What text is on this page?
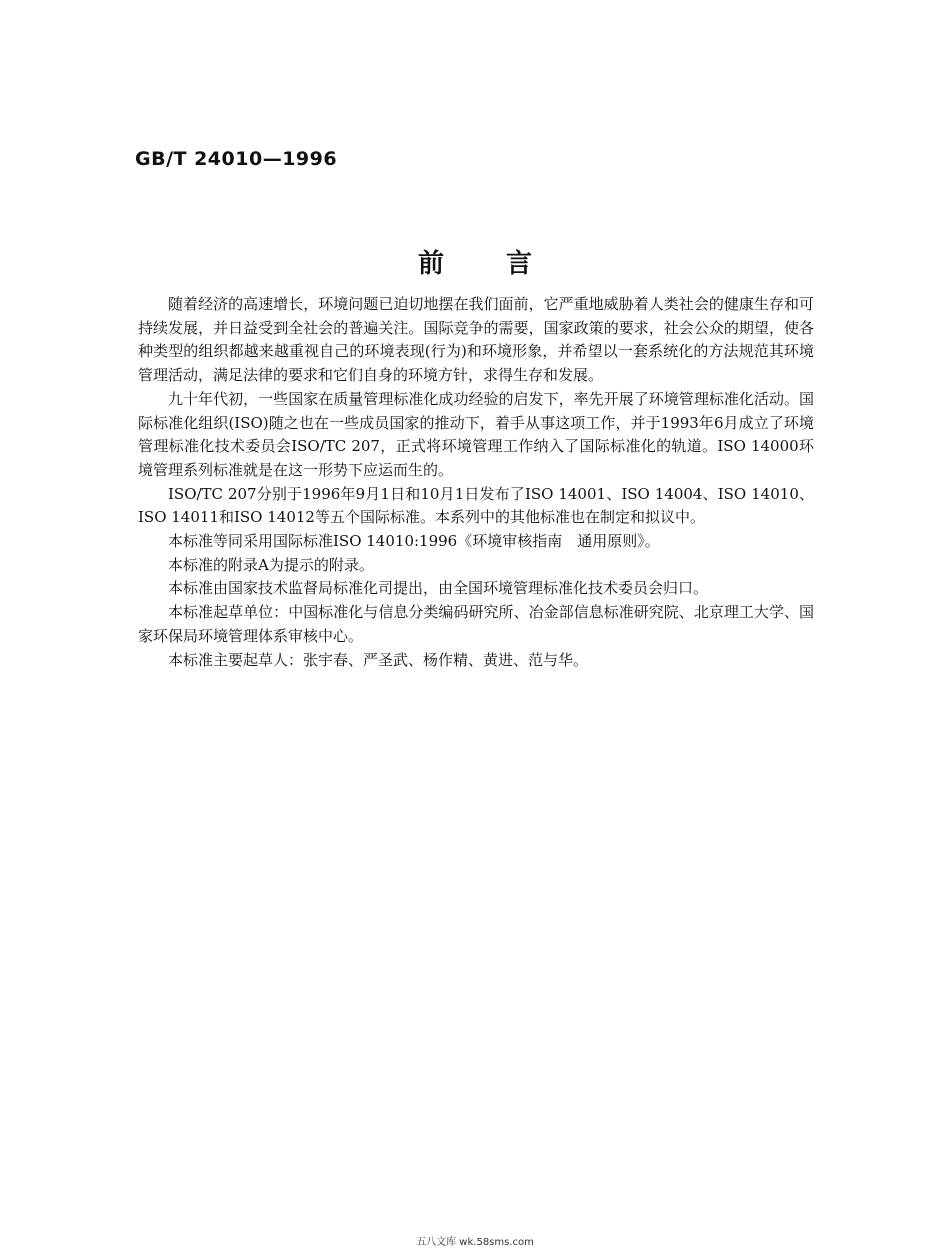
GB/T 24010—1996
前言

随着经济的高速增长，环境问题已迫切地摆在我们面前，它严重地威胁着人类社会的健康生存和可持续发展，并日益受到全社会的普遍关注。国际竞争的需要，国家政策的要求，社会公众的期望，使各种类型的组织都越来越重视自己的环境表现(行为)和环境形象，并希望以一套系统化的方法规范其环境管理活动，满足法律的要求和它们自身的环境方针，求得生存和发展。

九十年代初，一些国家在质量管理标准化成功经验的启发下，率先开展了环境管理标准化活动。国际标准化组织(ISO)随之也在一些成员国家的推动下，着手从事这项工作，并于1993年6月成立了环境管理标准化技术委员会ISO/TC 207，正式将环境管理工作纳入了国际标准化的轨道。ISO 14000环境管理系列标准就是在这一形势下应运而生的。

ISO/TC 207分别于1996年9月1日和10月1日发布了ISO 14001、ISO 14004、ISO 14010、ISO 14011和ISO 14012等五个国际标准。本系列中的其他标准也在制定和拟议中。

本标准等同采用国际标准ISO 14010:1996《环境审核指南　通用原则》。

本标准的附录A为提示的附录。

本标准由国家技术监督局标准化司提出，由全国环境管理标准化技术委员会归口。

本标准起草单位：中国标准化与信息分类编码研究所、冶金部信息标准研究院、北京理工大学、国家环保局环境管理体系审核中心。

本标准主要起草人：张宇春、严圣武、杨作精、黄进、范与华。

五八文库 wk.58sms.com
